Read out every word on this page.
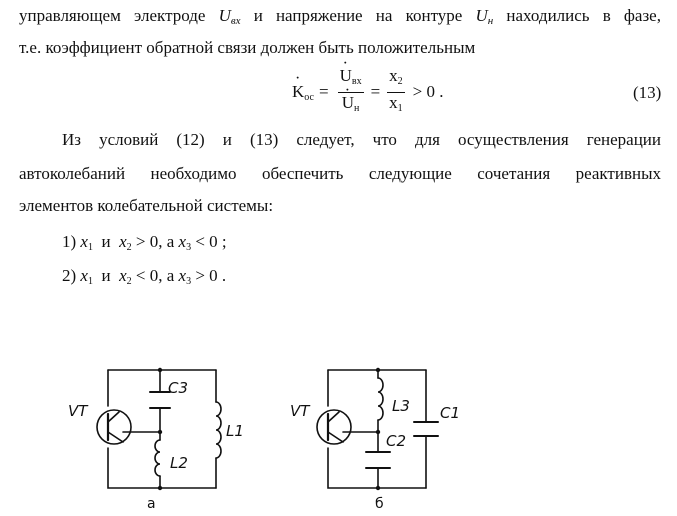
управляющем электроде $U_{вх}$ и напряжение на контуре $U_н$ находились в фазе,
т.е. коэффициент обратной связи должен быть положительным
· Kос =
· Uвх
· Uн = $\frac{x2}{x1} > 0$ .	(13)
Из условий (12) и (13) следует, что для осуществления генерации
автоколебаний необходимо обеспечить следующие сочетания реактивных
элементов колебательной системы:
1) x1 и x2 > 0, а x3 < 0 ;
2) x1 и x2 < 0, а x3 > 0 .
VT
C3
L1
L2
а
VT	L3 C1
C2
б
